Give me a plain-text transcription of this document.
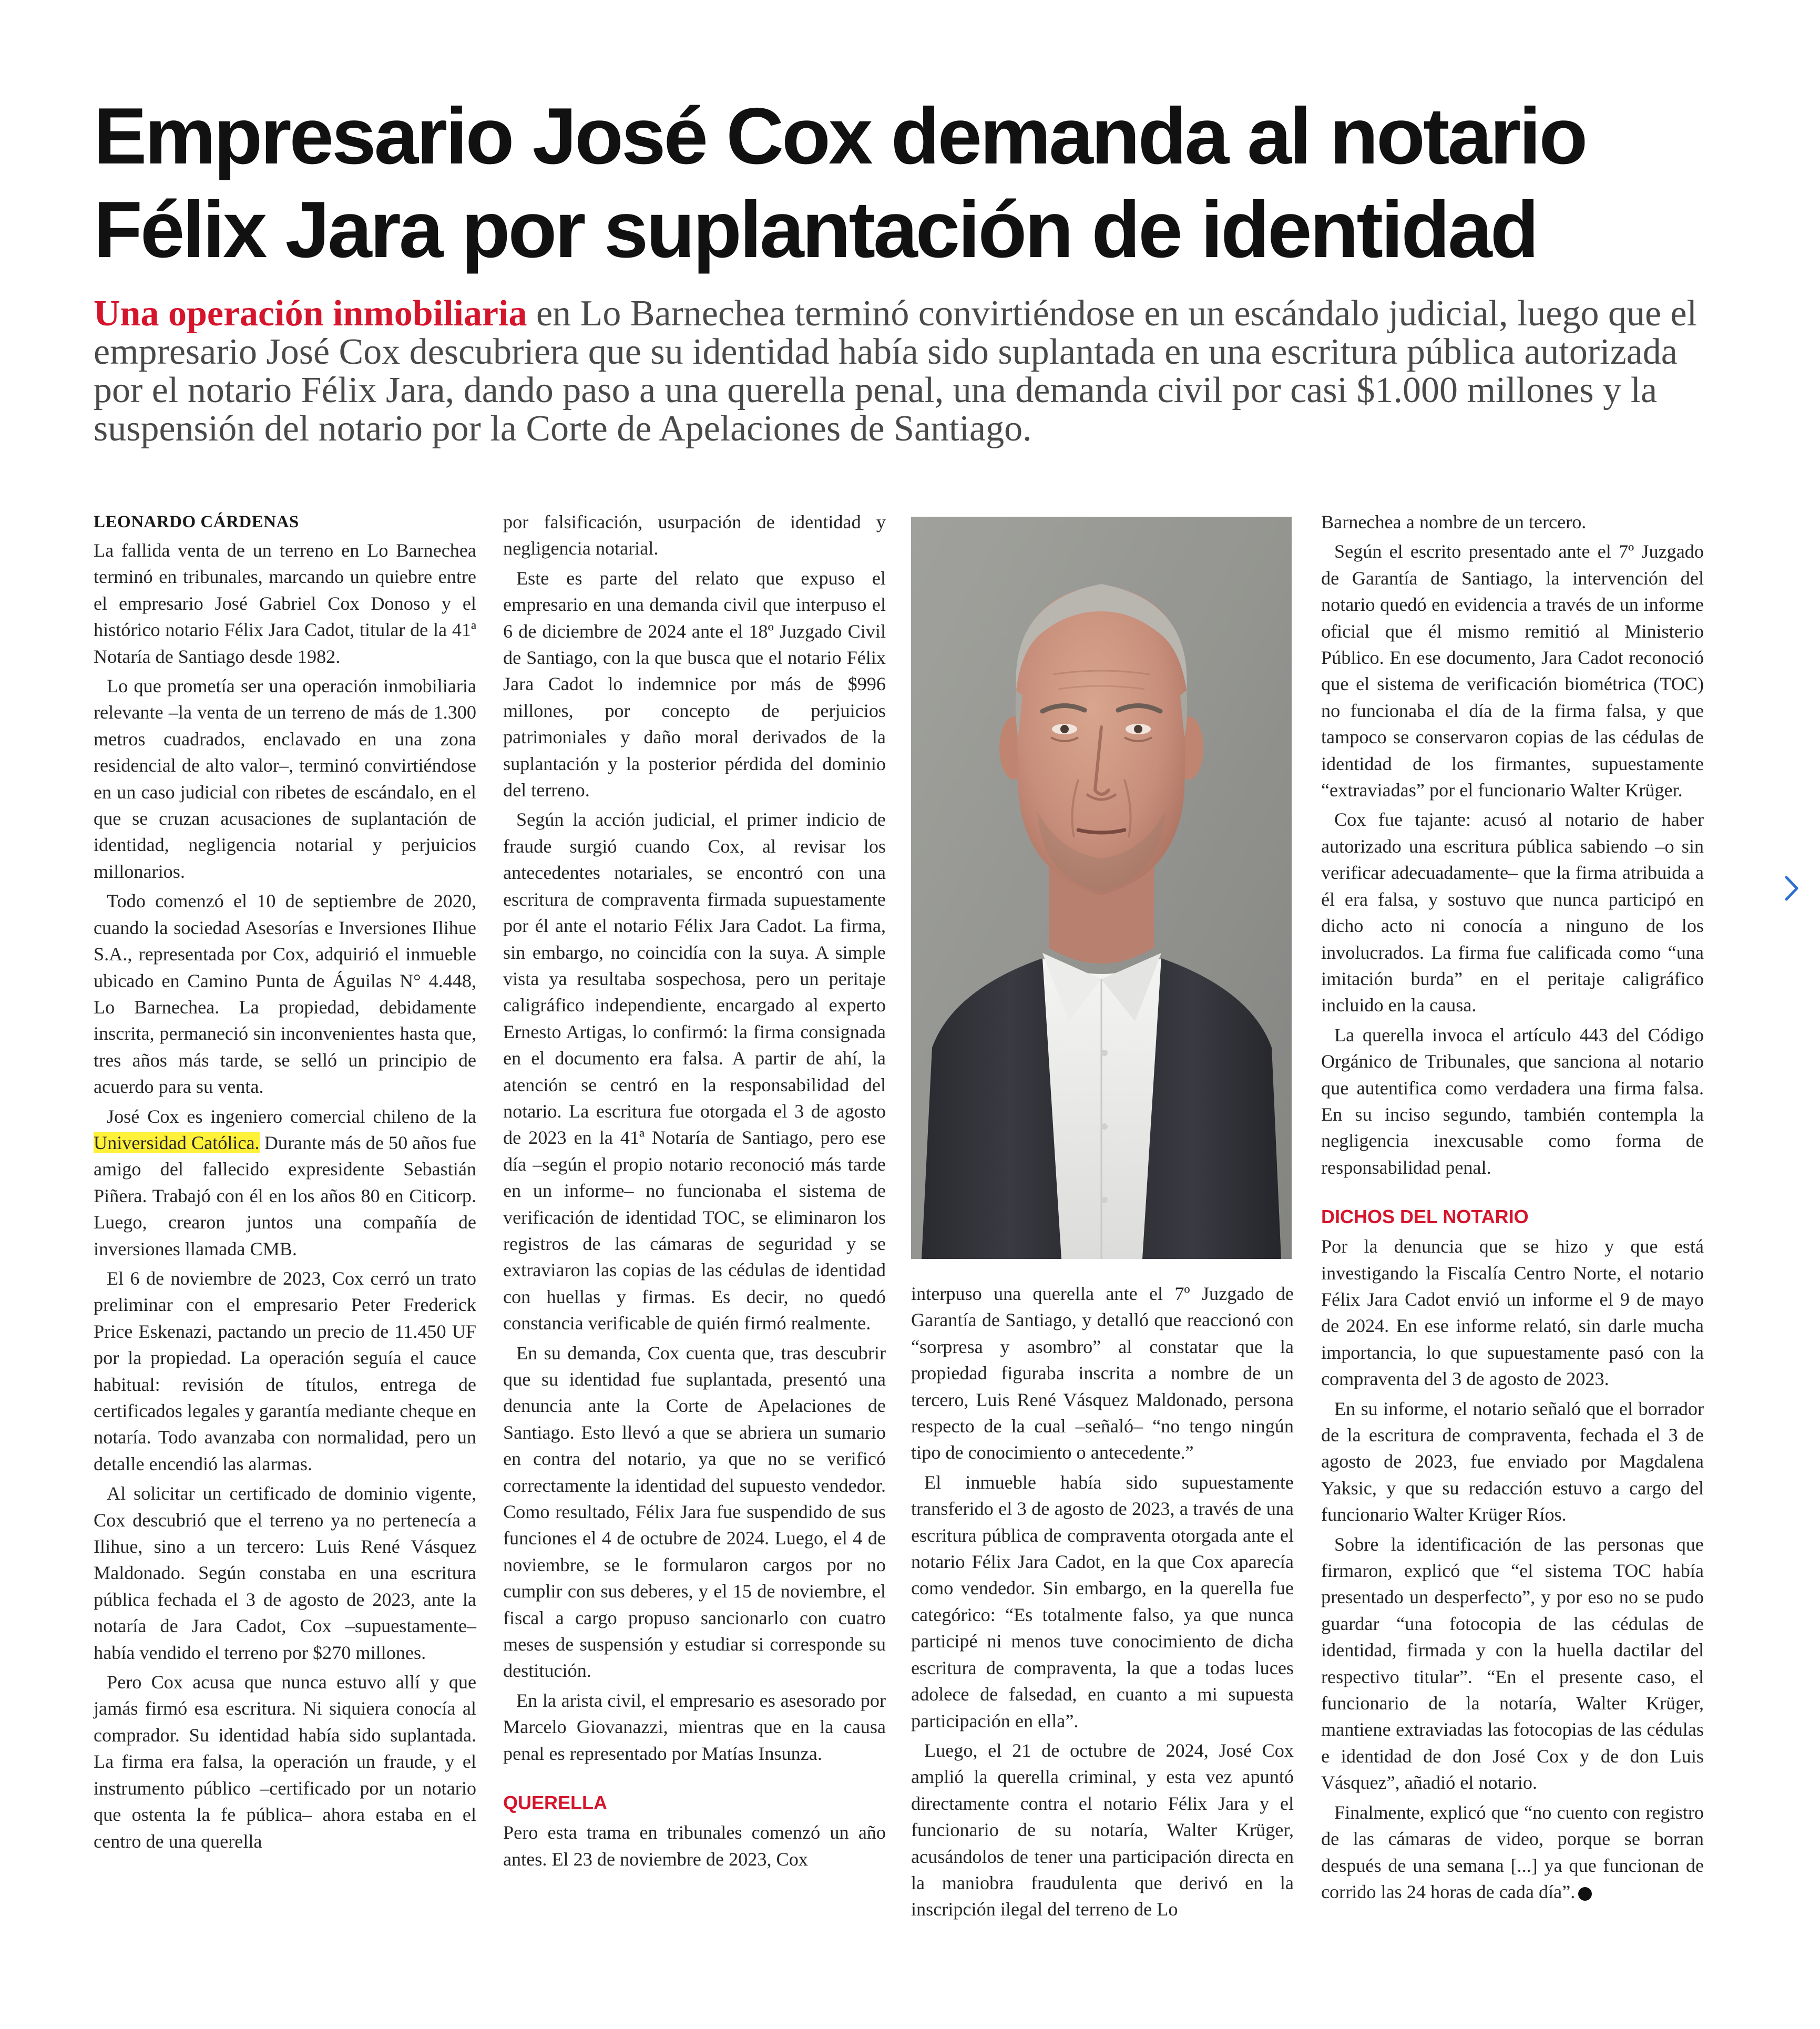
Empresario José Cox demanda al notario
Félix Jara por suplantación de identidad

Una operación inmobiliaria en Lo Barnechea terminó convirtiéndose en un escándalo judicial, luego que el empresario José Cox descubriera que su identidad había sido suplantada en una escritura pública autorizada por el notario Félix Jara, dando paso a una querella penal, una demanda civil por casi $1.000 millones y la suspensión del notario por la Corte de Apelaciones de Santiago.

LEONARDO CÁRDENAS

La fallida venta de un terreno en Lo Barnechea terminó en tribunales, marcando un quiebre entre el empresario José Gabriel Cox Donoso y el histórico notario Félix Jara Cadot, titular de la 41ª Notaría de Santiago desde 1982.

Lo que prometía ser una operación inmobiliaria relevante –la venta de un terreno de más de 1.300 metros cuadrados, enclavado en una zona residencial de alto valor–, terminó convirtiéndose en un caso judicial con ribetes de escándalo, en el que se cruzan acusaciones de suplantación de identidad, negligencia notarial y perjuicios millonarios.

Todo comenzó el 10 de septiembre de 2020, cuando la sociedad Asesorías e Inversiones Ilihue S.A., representada por Cox, adquirió el inmueble ubicado en Camino Punta de Águilas N° 4.448, Lo Barnechea. La propiedad, debidamente inscrita, permaneció sin inconvenientes hasta que, tres años más tarde, se selló un principio de acuerdo para su venta.

José Cox es ingeniero comercial chileno de la Universidad Católica. Durante más de 50 años fue amigo del fallecido expresidente Sebastián Piñera. Trabajó con él en los años 80 en Citicorp. Luego, crearon juntos una compañía de inversiones llamada CMB.

El 6 de noviembre de 2023, Cox cerró un trato preliminar con el empresario Peter Frederick Price Eskenazi, pactando un precio de 11.450 UF por la propiedad. La operación seguía el cauce habitual: revisión de títulos, entrega de certificados legales y garantía mediante cheque en notaría. Todo avanzaba con normalidad, pero un detalle encendió las alarmas.

Al solicitar un certificado de dominio vigente, Cox descubrió que el terreno ya no pertenecía a Ilihue, sino a un tercero: Luis René Vásquez Maldonado. Según constaba en una escritura pública fechada el 3 de agosto de 2023, ante la notaría de Jara Cadot, Cox –supuestamente– había vendido el terreno por $270 millones.

Pero Cox acusa que nunca estuvo allí y que jamás firmó esa escritura. Ni siquiera conocía al comprador. Su identidad había sido suplantada. La firma era falsa, la operación un fraude, y el instrumento público –certificado por un notario que ostenta la fe pública– ahora estaba en el centro de una querella

por falsificación, usurpación de identidad y negligencia notarial.

Este es parte del relato que expuso el empresario en una demanda civil que interpuso el 6 de diciembre de 2024 ante el 18º Juzgado Civil de Santiago, con la que busca que el notario Félix Jara Cadot lo indemnice por más de $996 millones, por concepto de perjuicios patrimoniales y daño moral derivados de la suplantación y la posterior pérdida del dominio del terreno.

Según la acción judicial, el primer indicio de fraude surgió cuando Cox, al revisar los antecedentes notariales, se encontró con una escritura de compraventa firmada supuestamente por él ante el notario Félix Jara Cadot. La firma, sin embargo, no coincidía con la suya. A simple vista ya resultaba sospechosa, pero un peritaje caligráfico independiente, encargado al experto Ernesto Artigas, lo confirmó: la firma consignada en el documento era falsa. A partir de ahí, la atención se centró en la responsabilidad del notario. La escritura fue otorgada el 3 de agosto de 2023 en la 41ª Notaría de Santiago, pero ese día –según el propio notario reconoció más tarde en un informe– no funcionaba el sistema de verificación de identidad TOC, se eliminaron los registros de las cámaras de seguridad y se extraviaron las copias de las cédulas de identidad con huellas y firmas. Es decir, no quedó constancia verificable de quién firmó realmente.

En su demanda, Cox cuenta que, tras descubrir que su identidad fue suplantada, presentó una denuncia ante la Corte de Apelaciones de Santiago. Esto llevó a que se abriera un sumario en contra del notario, ya que no se verificó correctamente la identidad del supuesto vendedor. Como resultado, Félix Jara fue suspendido de sus funciones el 4 de octubre de 2024. Luego, el 4 de noviembre, se le formularon cargos por no cumplir con sus deberes, y el 15 de noviembre, el fiscal a cargo propuso sancionarlo con cuatro meses de suspensión y estudiar si corresponde su destitución.

En la arista civil, el empresario es asesorado por Marcelo Giovanazzi, mientras que en la causa penal es representado por Matías Insunza.

QUERELLA

Pero esta trama en tribunales comenzó un año antes. El 23 de noviembre de 2023, Cox

interpuso una querella ante el 7º Juzgado de Garantía de Santiago, y detalló que reaccionó con “sorpresa y asombro” al constatar que la propiedad figuraba inscrita a nombre de un tercero, Luis René Vásquez Maldonado, persona respecto de la cual –señaló– “no tengo ningún tipo de conocimiento o antecedente.”

El inmueble había sido supuestamente transferido el 3 de agosto de 2023, a través de una escritura pública de compraventa otorgada ante el notario Félix Jara Cadot, en la que Cox aparecía como vendedor. Sin embargo, en la querella fue categórico: “Es totalmente falso, ya que nunca participé ni menos tuve conocimiento de dicha escritura de compraventa, la que a todas luces adolece de falsedad, en cuanto a mi supuesta participación en ella”.

Luego, el 21 de octubre de 2024, José Cox amplió la querella criminal, y esta vez apuntó directamente contra el notario Félix Jara y el funcionario de su notaría, Walter Krüger, acusándolos de tener una participación directa en la maniobra fraudulenta que derivó en la inscripción ilegal del terreno de Lo

Barnechea a nombre de un tercero.

Según el escrito presentado ante el 7º Juzgado de Garantía de Santiago, la intervención del notario quedó en evidencia a través de un informe oficial que él mismo remitió al Ministerio Público. En ese documento, Jara Cadot reconoció que el sistema de verificación biométrica (TOC) no funcionaba el día de la firma falsa, y que tampoco se conservaron copias de las cédulas de identidad de los firmantes, supuestamente “extraviadas” por el funcionario Walter Krüger.

Cox fue tajante: acusó al notario de haber autorizado una escritura pública sabiendo –o sin verificar adecuadamente– que la firma atribuida a él era falsa, y sostuvo que nunca participó en dicho acto ni conocía a ninguno de los involucrados. La firma fue calificada como “una imitación burda” en el peritaje caligráfico incluido en la causa.

La querella invoca el artículo 443 del Código Orgánico de Tribunales, que sanciona al notario que autentifica como verdadera una firma falsa. En su inciso segundo, también contempla la negligencia inexcusable como forma de responsabilidad penal.

DICHOS DEL NOTARIO

Por la denuncia que se hizo y que está investigando la Fiscalía Centro Norte, el notario Félix Jara Cadot envió un informe el 9 de mayo de 2024. En ese informe relató, sin darle mucha importancia, lo que supuestamente pasó con la compraventa del 3 de agosto de 2023.

En su informe, el notario señaló que el borrador de la escritura de compraventa, fechada el 3 de agosto de 2023, fue enviado por Magdalena Yaksic, y que su redacción estuvo a cargo del funcionario Walter Krüger Ríos.

Sobre la identificación de las personas que firmaron, explicó que “el sistema TOC había presentado un desperfecto”, y por eso no se pudo guardar “una fotocopia de las cédulas de identidad, firmada y con la huella dactilar del respectivo titular”. “En el presente caso, el funcionario de la notaría, Walter Krüger, mantiene extraviadas las fotocopias de las cédulas e identidad de don José Cox y de don Luis Vásquez”, añadió el notario.

Finalmente, explicó que “no cuento con registro de las cámaras de video, porque se borran después de una semana [...] ya que funcionan de corrido las 24 horas de cada día”.
